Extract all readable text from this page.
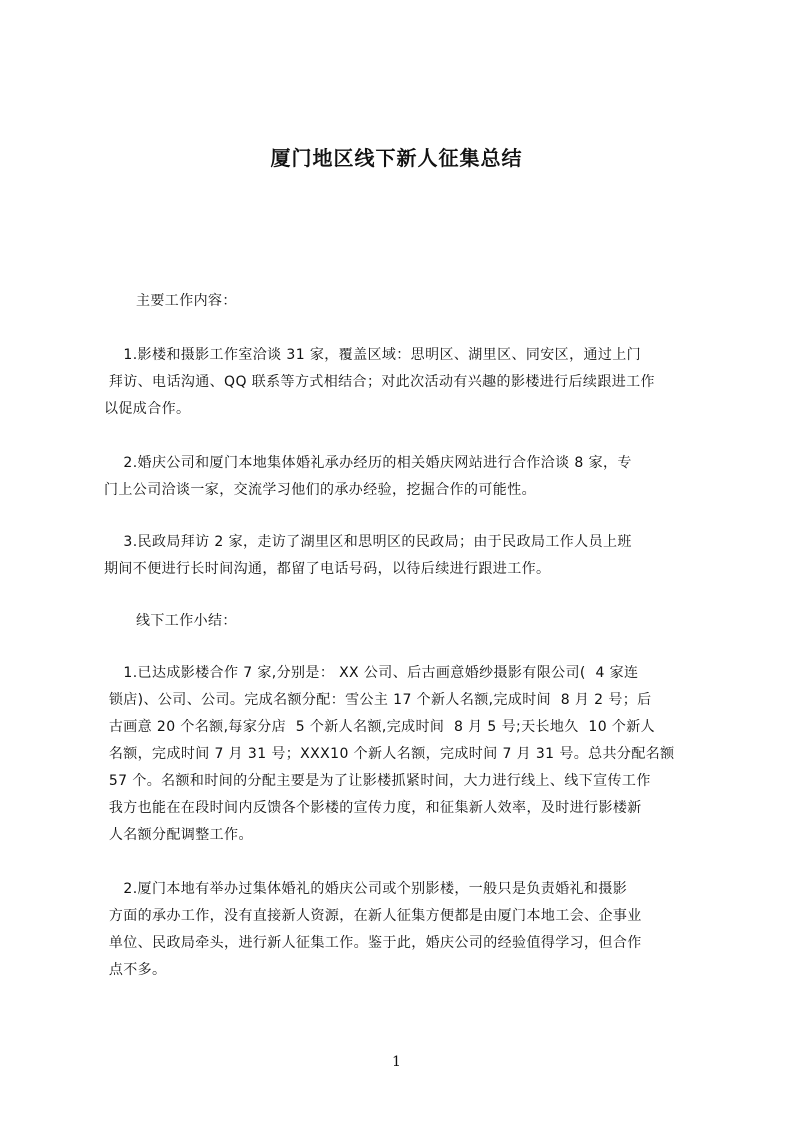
厦门地区线下新人征集总结
主要工作内容：
1.影楼和摄影工作室洽谈 31 家，覆盖区域：思明区、湖里区、同安区，通过上门
拜访、电话沟通、QQ 联系等方式相结合；对此次活动有兴趣的影楼进行后续跟进工作
以促成合作。
2.婚庆公司和厦门本地集体婚礼承办经历的相关婚庆网站进行合作洽谈 8 家，专
门上公司洽谈一家，交流学习他们的承办经验，挖掘合作的可能性。
3.民政局拜访 2 家，走访了湖里区和思明区的民政局；由于民政局工作人员上班
期间不便进行长时间沟通，都留了电话号码，以待后续进行跟进工作。
线下工作小结：
1.已达成影楼合作 7 家,分别是： XX 公司、后古画意婚纱摄影有限公司(  4 家连
锁店)、公司、公司。完成名额分配：雪公主 17 个新人名额,完成时间  8 月 2 号；后
古画意 20 个名额,每家分店  5 个新人名额,完成时间  8 月 5 号;天长地久  10 个新人
名额，完成时间 7 月 31 号；XXX10 个新人名额，完成时间 7 月 31 号。总共分配名额
57 个。名额和时间的分配主要是为了让影楼抓紧时间，大力进行线上、线下宣传工作
我方也能在在段时间内反馈各个影楼的宣传力度，和征集新人效率，及时进行影楼新
人名额分配调整工作。
2.厦门本地有举办过集体婚礼的婚庆公司或个别影楼，一般只是负责婚礼和摄影
方面的承办工作，没有直接新人资源，在新人征集方便都是由厦门本地工会、企事业
单位、民政局牵头，进行新人征集工作。鉴于此，婚庆公司的经验值得学习，但合作
点不多。
1
